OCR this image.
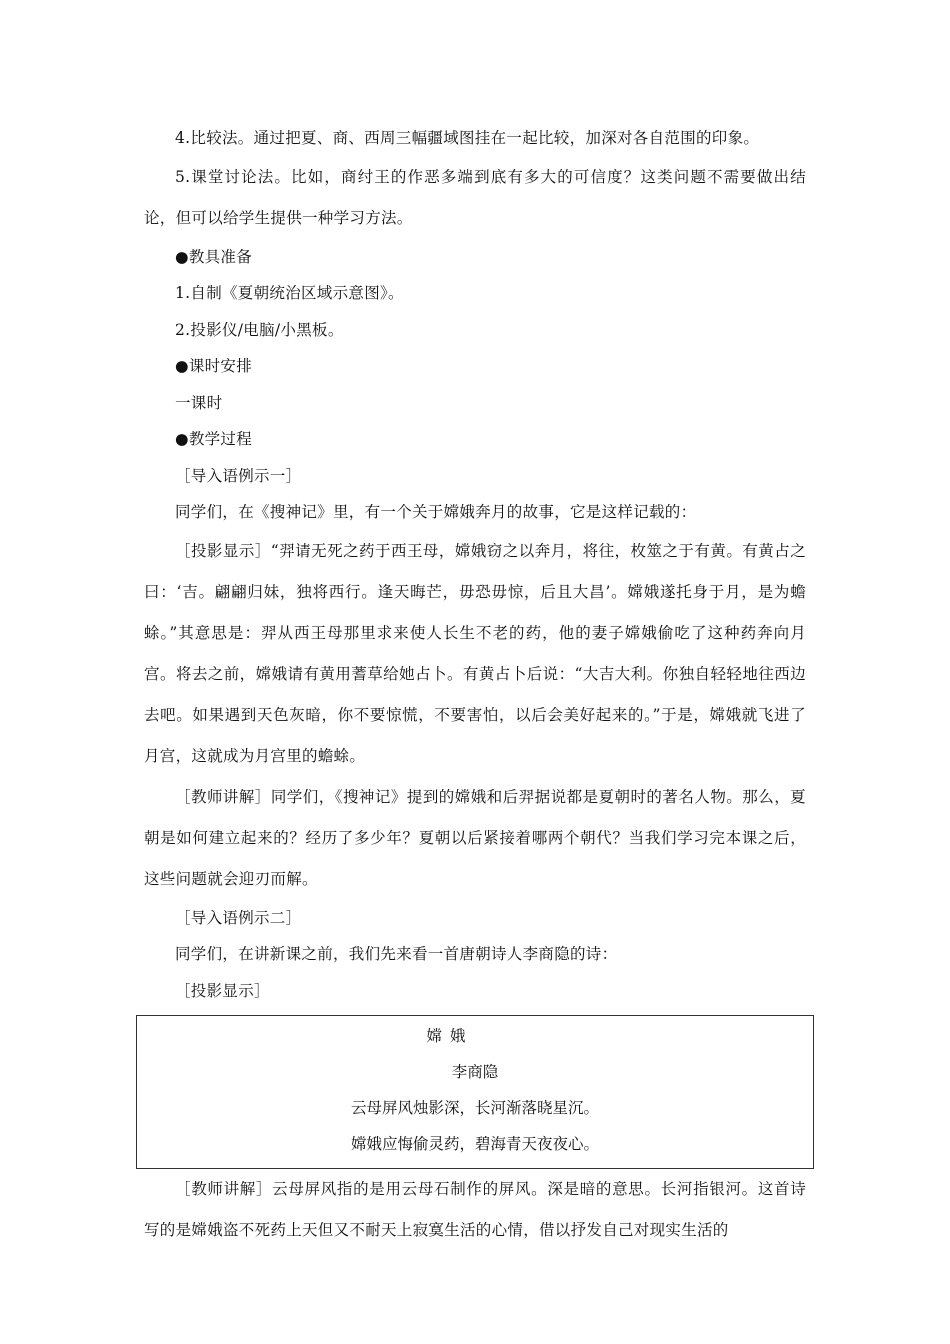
4.比较法。通过把夏、商、西周三幅疆域图挂在一起比较，加深对各自范围的印象。

5.课堂讨论法。比如，商纣王的作恶多端到底有多大的可信度？这类问题不需要做出结论，但可以给学生提供一种学习方法。

●教具准备

1.自制《夏朝统治区域示意图》。

2.投影仪/电脑/小黑板。

●课时安排

一课时

●教学过程

［导入语例示一］

同学们，在《搜神记》里，有一个关于嫦娥奔月的故事，它是这样记载的：

［投影显示］“羿请无死之药于西王母，嫦娥窃之以奔月，将往，枚筮之于有黄。有黄占之曰：‘吉。翩翩归妹，独将西行。逢天晦芒，毋恐毋惊，后且大昌’。嫦娥遂托身于月，是为蟾蜍。”其意思是：羿从西王母那里求来使人长生不老的药，他的妻子嫦娥偷吃了这种药奔向月宫。将去之前，嫦娥请有黄用蓍草给她占卜。有黄占卜后说：“大吉大利。你独自轻轻地往西边去吧。如果遇到天色灰暗，你不要惊慌，不要害怕，以后会美好起来的。”于是，嫦娥就飞进了月宫，这就成为月宫里的蟾蜍。

［教师讲解］同学们，《搜神记》提到的嫦娥和后羿据说都是夏朝时的著名人物。那么，夏朝是如何建立起来的？经历了多少年？夏朝以后紧接着哪两个朝代？当我们学习完本课之后，这些问题就会迎刃而解。

［导入语例示二］

同学们，在讲新课之前，我们先来看一首唐朝诗人李商隐的诗：

［投影显示］

嫦娥

李商隐

云母屏风烛影深，长河渐落晓星沉。

嫦娥应悔偷灵药，碧海青天夜夜心。

［教师讲解］云母屏风指的是用云母石制作的屏风。深是暗的意思。长河指银河。这首诗写的是嫦娥盗不死药上天但又不耐天上寂寞生活的心情，借以抒发自己对现实生活的
